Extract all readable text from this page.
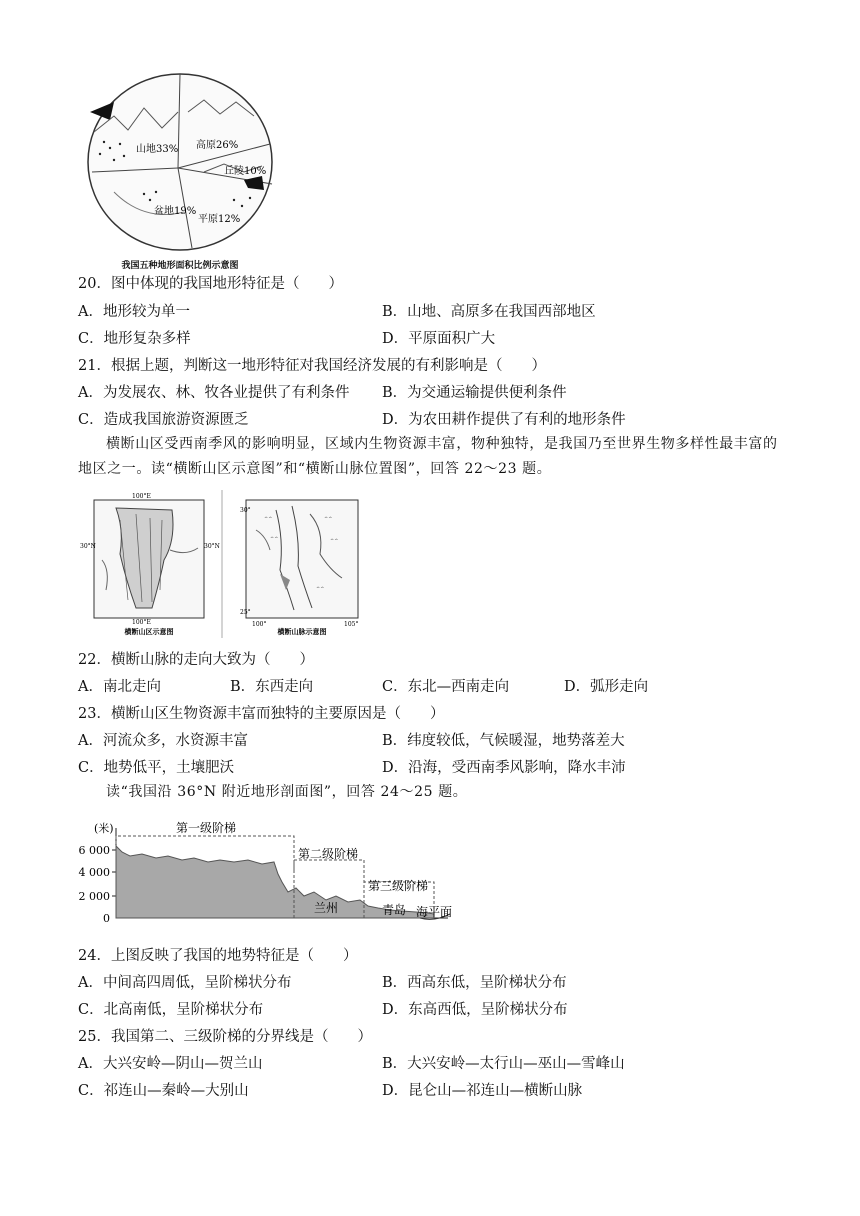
山地33% 高原26%
丘陵10%
盆地19%
平原12%
我国五种地形面积比例示意图
20．图中体现的我国地形特征是（　　）
A．地形较为单一	B．山地、高原多在我国西部地区
C．地形复杂多样	D．平原面积广大
21．根据上题，判断这一地形特征对我国经济发展的有利影响是（　　）
A．为发展农、林、牧各业提供了有利条件 B．为交通运输提供便利条件
C．造成我国旅游资源匮乏	D．为农田耕作提供了有利的地形条件
横断山区受西南季风的影响明显，区域内生物资源丰富，物种独特，是我国乃至世界生物多样性最丰富的地区之一。读“横断山区示意图”和“横断山脉位置图”，回答 22～23 题。
100°E
30°N	30°N
100°E
横断山区示意图
^^
^^
^^
^^
^^
30°
25°
100°	105°
横断山脉示意图
22．横断山脉的走向大致为（　　）
A．南北走向	B．东西走向	C．东北—西南走向	D．弧形走向
23．横断山区生物资源丰富而独特的主要原因是（　　）
A．河流众多，水资源丰富	B．纬度较低，气候暖湿，地势落差大
C．地势低平，土壤肥沃	D．沿海，受西南季风影响，降水丰沛
读“我国沿 36°N 附近地形剖面图”，回答 24～25 题。
(米)
6 000
4 000
2 000
0
第一级阶梯
第二级阶梯
第三级阶梯
兰州	青岛 海平面
24．上图反映了我国的地势特征是（　　）
A．中间高四周低，呈阶梯状分布	B．西高东低，呈阶梯状分布
C．北高南低，呈阶梯状分布	D．东高西低，呈阶梯状分布
25．我国第二、三级阶梯的分界线是（　　）
A．大兴安岭—阴山—贺兰山	B．大兴安岭—太行山—巫山—雪峰山
C．祁连山—秦岭—大别山	D．昆仑山—祁连山—横断山脉
